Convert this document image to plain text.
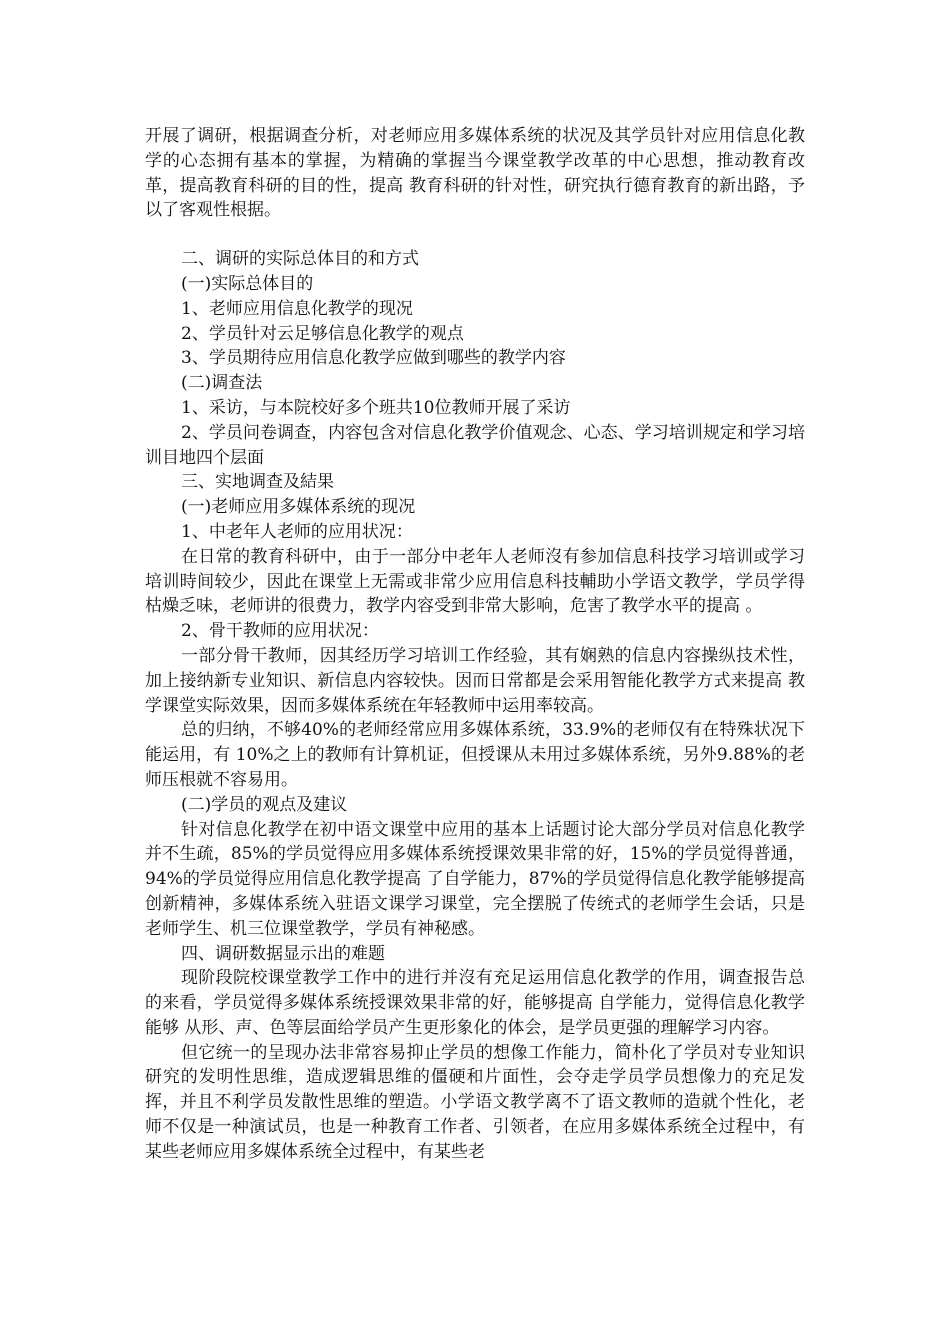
开展了调研，根据调查分析，对老师应用多媒体系统的状况及其学员针对应用信息化教学的心态拥有基本的掌握，为精确的掌握当今课堂教学改革的中心思想，推动教育改革，提高教育科研的目的性，提高 教育科研的针对性，研究执行德育教育的新出路，予以了客观性根据。

二、调研的实际总体目的和方式

(一)实际总体目的

1、老师应用信息化教学的现况

2、学员针对云足够信息化教学的观点

3、学员期待应用信息化教学应做到哪些的教学内容

(二)调查法

1、采访，与本院校好多个班共10位教师开展了采访

2、学员问卷调查，内容包含对信息化教学价值观念、心态、学习培训规定和学习培训目地四个层面

三、实地调查及結果

(一)老师应用多媒体系统的现况

1、中老年人老师的应用状况：

在日常的教育科研中，由于一部分中老年人老师沒有参加信息科技学习培训或学习培训時间较少，因此在课堂上无需或非常少应用信息科技輔助小学语文教学，学员学得枯燥乏味，老师讲的很费力，教学内容受到非常大影响，危害了教学水平的提高 。

2、骨干教师的应用状况：

一部分骨干教师，因其经历学习培训工作经验，其有娴熟的信息内容操纵技术性，加上接纳新专业知识、新信息内容较快。因而日常都是会采用智能化教学方式来提高 教学课堂实际效果，因而多媒体系统在年轻教师中运用率较高。

总的归纳，不够40%的老师经常应用多媒体系统，33.9%的老师仅有在特殊状况下能运用，有 10%之上的教师有计算机证，但授课从未用过多媒体系统，另外9.88%的老师压根就不容易用。

(二)学员的观点及建议

针对信息化教学在初中语文课堂中应用的基本上话题讨论大部分学员对信息化教学并不生疏，85%的学员觉得应用多媒体系统授课效果非常的好，15%的学员觉得普通，94%的学员觉得应用信息化教学提高 了自学能力，87%的学员觉得信息化教学能够提高 创新精神，多媒体系统入驻语文课学习课堂，完全摆脱了传统式的老师学生会话，只是老师学生、机三位课堂教学，学员有神秘感。

四、调研数据显示出的难题

现阶段院校课堂教学工作中的进行并沒有充足运用信息化教学的作用，调查报告总的来看，学员觉得多媒体系统授课效果非常的好，能够提高 自学能力，觉得信息化教学能够 从形、声、色等层面给学员产生更形象化的体会，是学员更强的理解学习内容。

但它统一的呈现办法非常容易抑止学员的想像工作能力，简朴化了学员对专业知识研究的发明性思维，造成逻辑思维的僵硬和片面性，会夺走学员学员想像力的充足发挥，并且不利学员发散性思维的塑造。小学语文教学离不了语文教师的造就个性化，老师不仅是一种演试员，也是一种教育工作者、引领者，在应用多媒体系统全过程中，有某些老师应用多媒体系统全过程中，有某些老
